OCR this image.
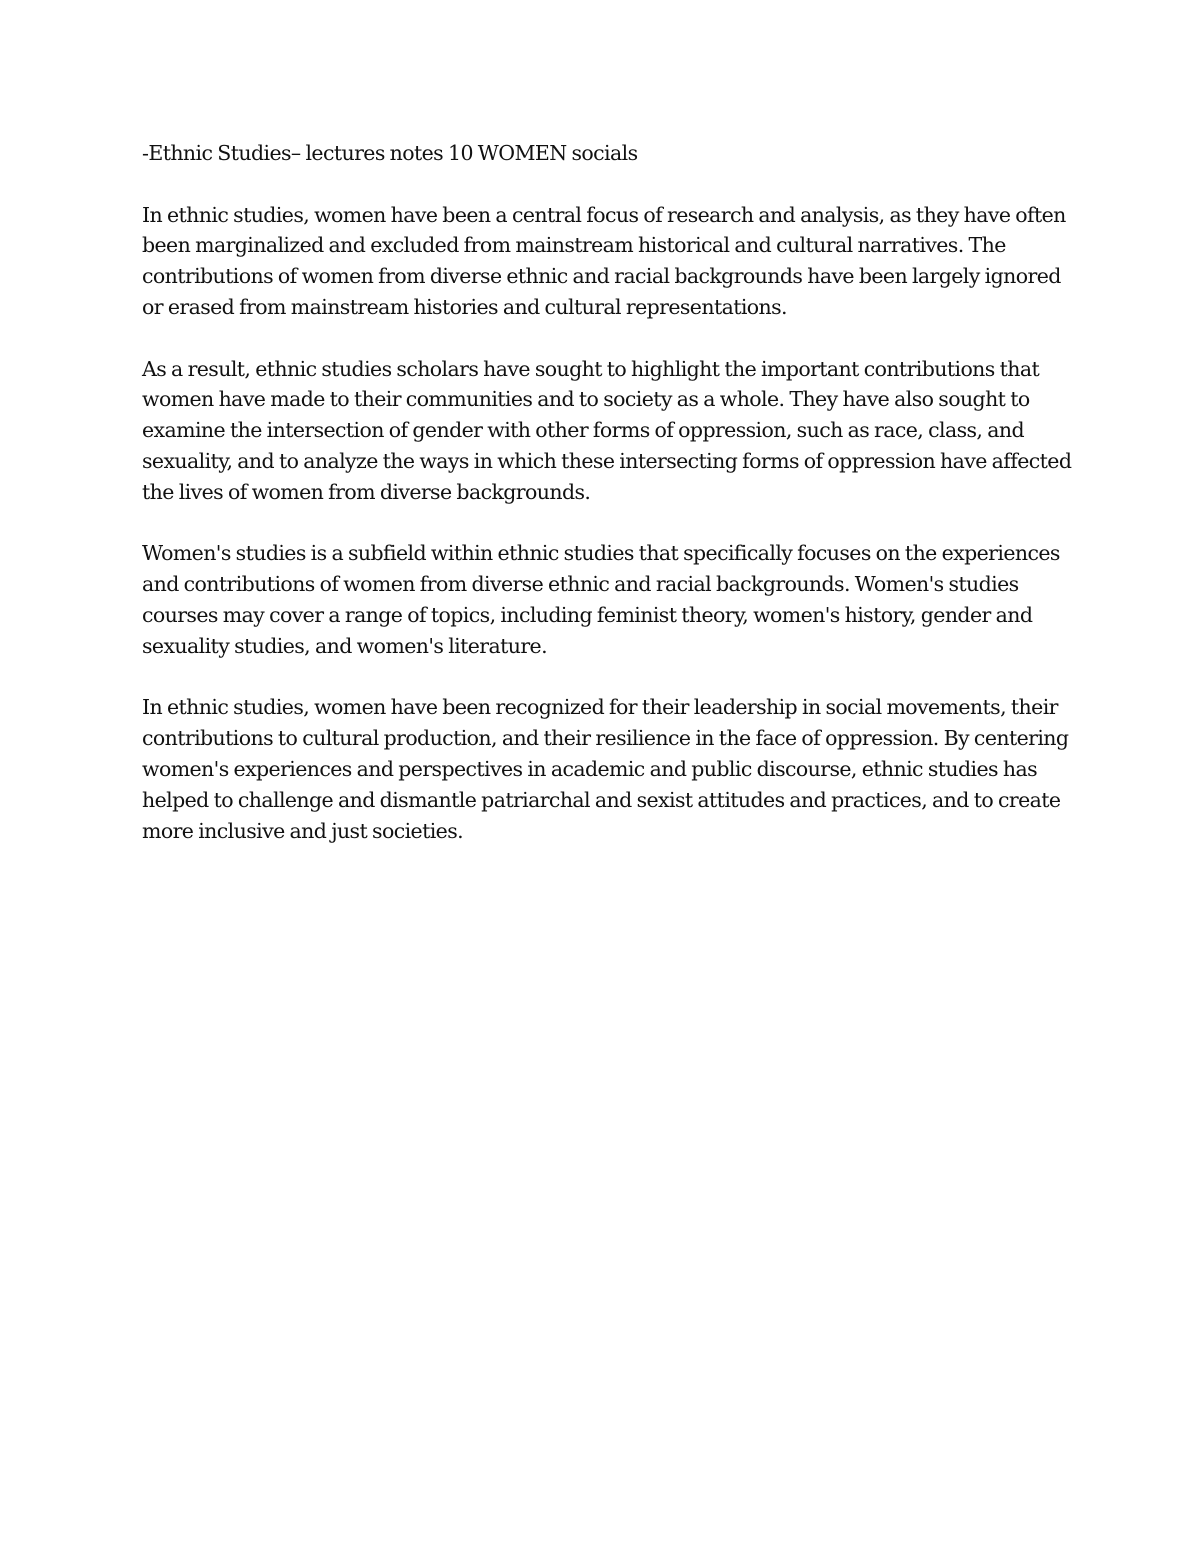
-Ethnic Studies– lectures notes 10 WOMEN socials

In ethnic studies, women have been a central focus of research and analysis, as they have often been marginalized and excluded from mainstream historical and cultural narratives. The contributions of women from diverse ethnic and racial backgrounds have been largely ignored or erased from mainstream histories and cultural representations.

As a result, ethnic studies scholars have sought to highlight the important contributions that women have made to their communities and to society as a whole. They have also sought to examine the intersection of gender with other forms of oppression, such as race, class, and sexuality, and to analyze the ways in which these intersecting forms of oppression have affected the lives of women from diverse backgrounds.

Women's studies is a subfield within ethnic studies that specifically focuses on the experiences and contributions of women from diverse ethnic and racial backgrounds. Women's studies courses may cover a range of topics, including feminist theory, women's history, gender and sexuality studies, and women's literature.

In ethnic studies, women have been recognized for their leadership in social movements, their contributions to cultural production, and their resilience in the face of oppression. By centering women's experiences and perspectives in academic and public discourse, ethnic studies has helped to challenge and dismantle patriarchal and sexist attitudes and practices, and to create more inclusive and just societies.
